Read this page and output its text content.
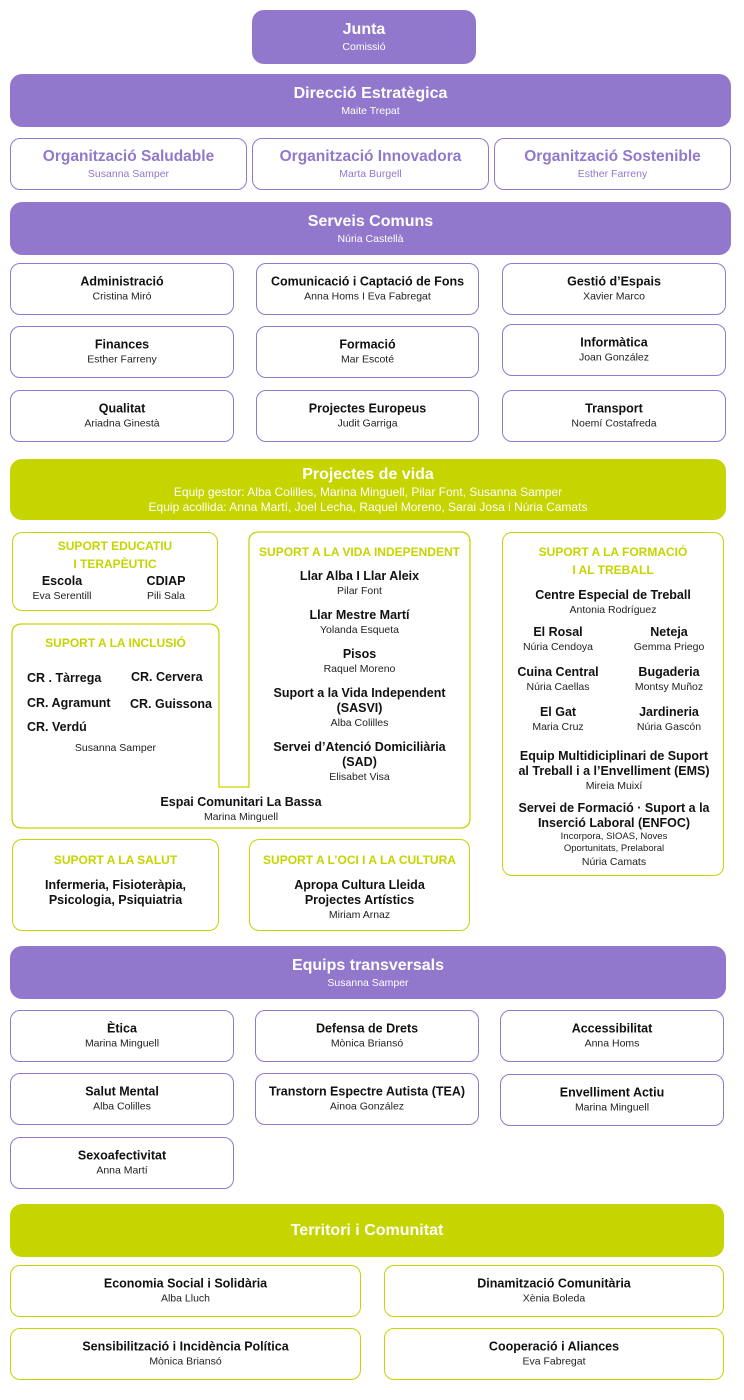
Junta
Comissió
Direcció Estratègica
Maite Trepat
Organització Saludable
Susanna Samper
Organització Innovadora
Marta Burgell
Organització Sostenible
Esther Farreny
Serveis Comuns
Núria Castellà
Administració
Cristina Miró
Comunicació i Captació de Fons
Anna Homs I Eva Fabregat
Gestió d’Espais
Xavier Marco
Finances
Esther Farreny
Formació
Mar Escoté
Informàtica
Joan González
Qualitat
Ariadna Ginestà
Projectes Europeus
Judit Garriga
Transport
Noemí Costafreda
Projectes de vida
Equip gestor: Alba Colilles, Marina Minguell, Pilar Font, Susanna Samper
Equip acollida: Anna Martí, Joel Lecha, Raquel Moreno, Sarai Josa i Núria Camats
SUPORT EDUCATIU
I TERAPÈUTIC
Escola
Eva Serentill
CDIAP
Pili Sala
SUPORT A LA INCLUSIÓ
CR . Tàrrega CR. Cervera
CR. Agramunt CR. Guissona
CR. Verdú
Susanna Samper
SUPORT A LA VIDA INDEPENDENT
Llar Alba I Llar Aleix
Pilar Font
Llar Mestre Martí
Yolanda Esqueta
Pisos
Raquel Moreno
Suport a la Vida Independent
(SASVI)
Alba Colilles
Servei d’Atenció Domiciliària
(SAD)
Elisabet Visa
Espai Comunitari La Bassa
Marina Minguell
SUPORT A LA SALUT
Infermeria, Fisioteràpia,
Psicologia, Psiquiatria
SUPORT A L’OCI I A LA CULTURA
Apropa Cultura Lleida
Projectes Artístics
Miriam Arnaz
SUPORT A LA FORMACIÓ
I AL TREBALL
Centre Especial de Treball
Antonia Rodríguez
El Rosal
Núria Cendoya
Neteja
Gemma Priego
Cuina Central
Núria Caellas
Bugaderia
Montsy Muñoz
El Gat
Maria Cruz
Jardineria
Núria Gascón
Equip Multidiciplinari de Suport
al Treball i a l’Envelliment (EMS)
Mireia Muixí
Servei de Formació · Suport a la
Inserció Laboral (ENFOC)
Incorpora, SIOAS, Noves
Oportunitats, Prelaboral
Núria Camats
Equips transversals
Susanna Samper
Ètica
Marina Minguell
Defensa de Drets
Mònica Briansó
Accessibilitat
Anna Homs
Salut Mental
Alba Colilles
Transtorn Espectre Autista (TEA)
Ainoa González
Envelliment Actiu
Marina Minguell
Sexoafectivitat
Anna Martí
Territori i Comunitat
Economia Social i Solidària
Alba Lluch
Dinamització Comunitària
Xènia Boleda
Sensibilització i Incidència Política
Mònica Briansó
Cooperació i Aliances
Eva Fabregat
